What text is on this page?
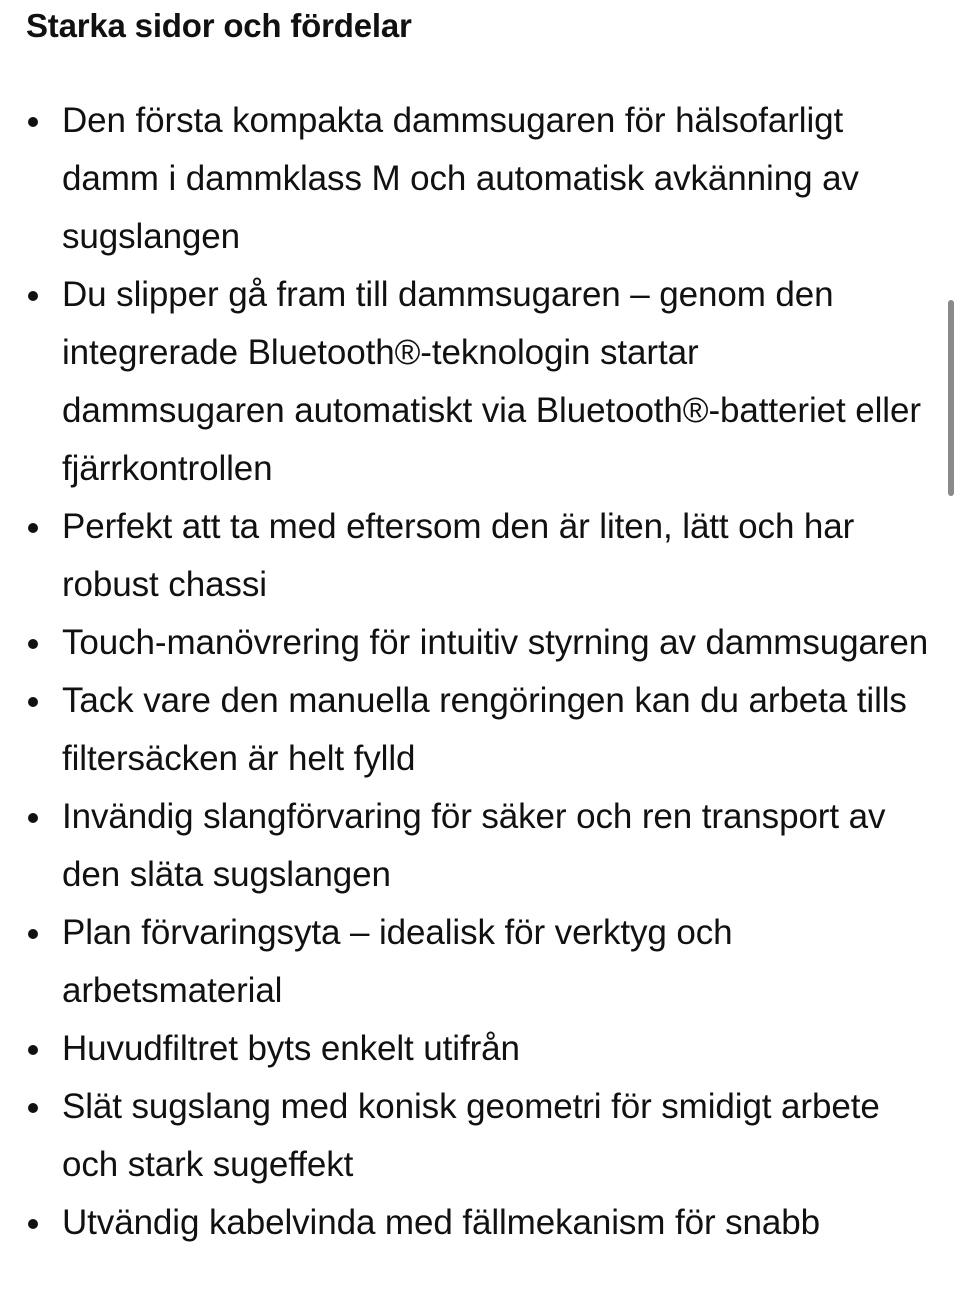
Starka sidor och fördelar
Den första kompakta dammsugaren för hälsofarligt damm i dammklass M och automatisk avkänning av sugslangen
Du slipper gå fram till dammsugaren – genom den integrerade Bluetooth®-teknologin startar dammsugaren automatiskt via Bluetooth®-batteriet eller fjärrkontrollen
Perfekt att ta med eftersom den är liten, lätt och har robust chassi
Touch-manövrering för intuitiv styrning av dammsugaren
Tack vare den manuella rengöringen kan du arbeta tills filtersäcken är helt fylld
Invändig slangförvaring för säker och ren transport av den släta sugslangen
Plan förvaringsyta – idealisk för verktyg och arbetsmaterial
Huvudfiltret byts enkelt utifrån
Slät sugslang med konisk geometri för smidigt arbete och stark sugeffekt
Utvändig kabelvinda med fällmekanism för snabb
